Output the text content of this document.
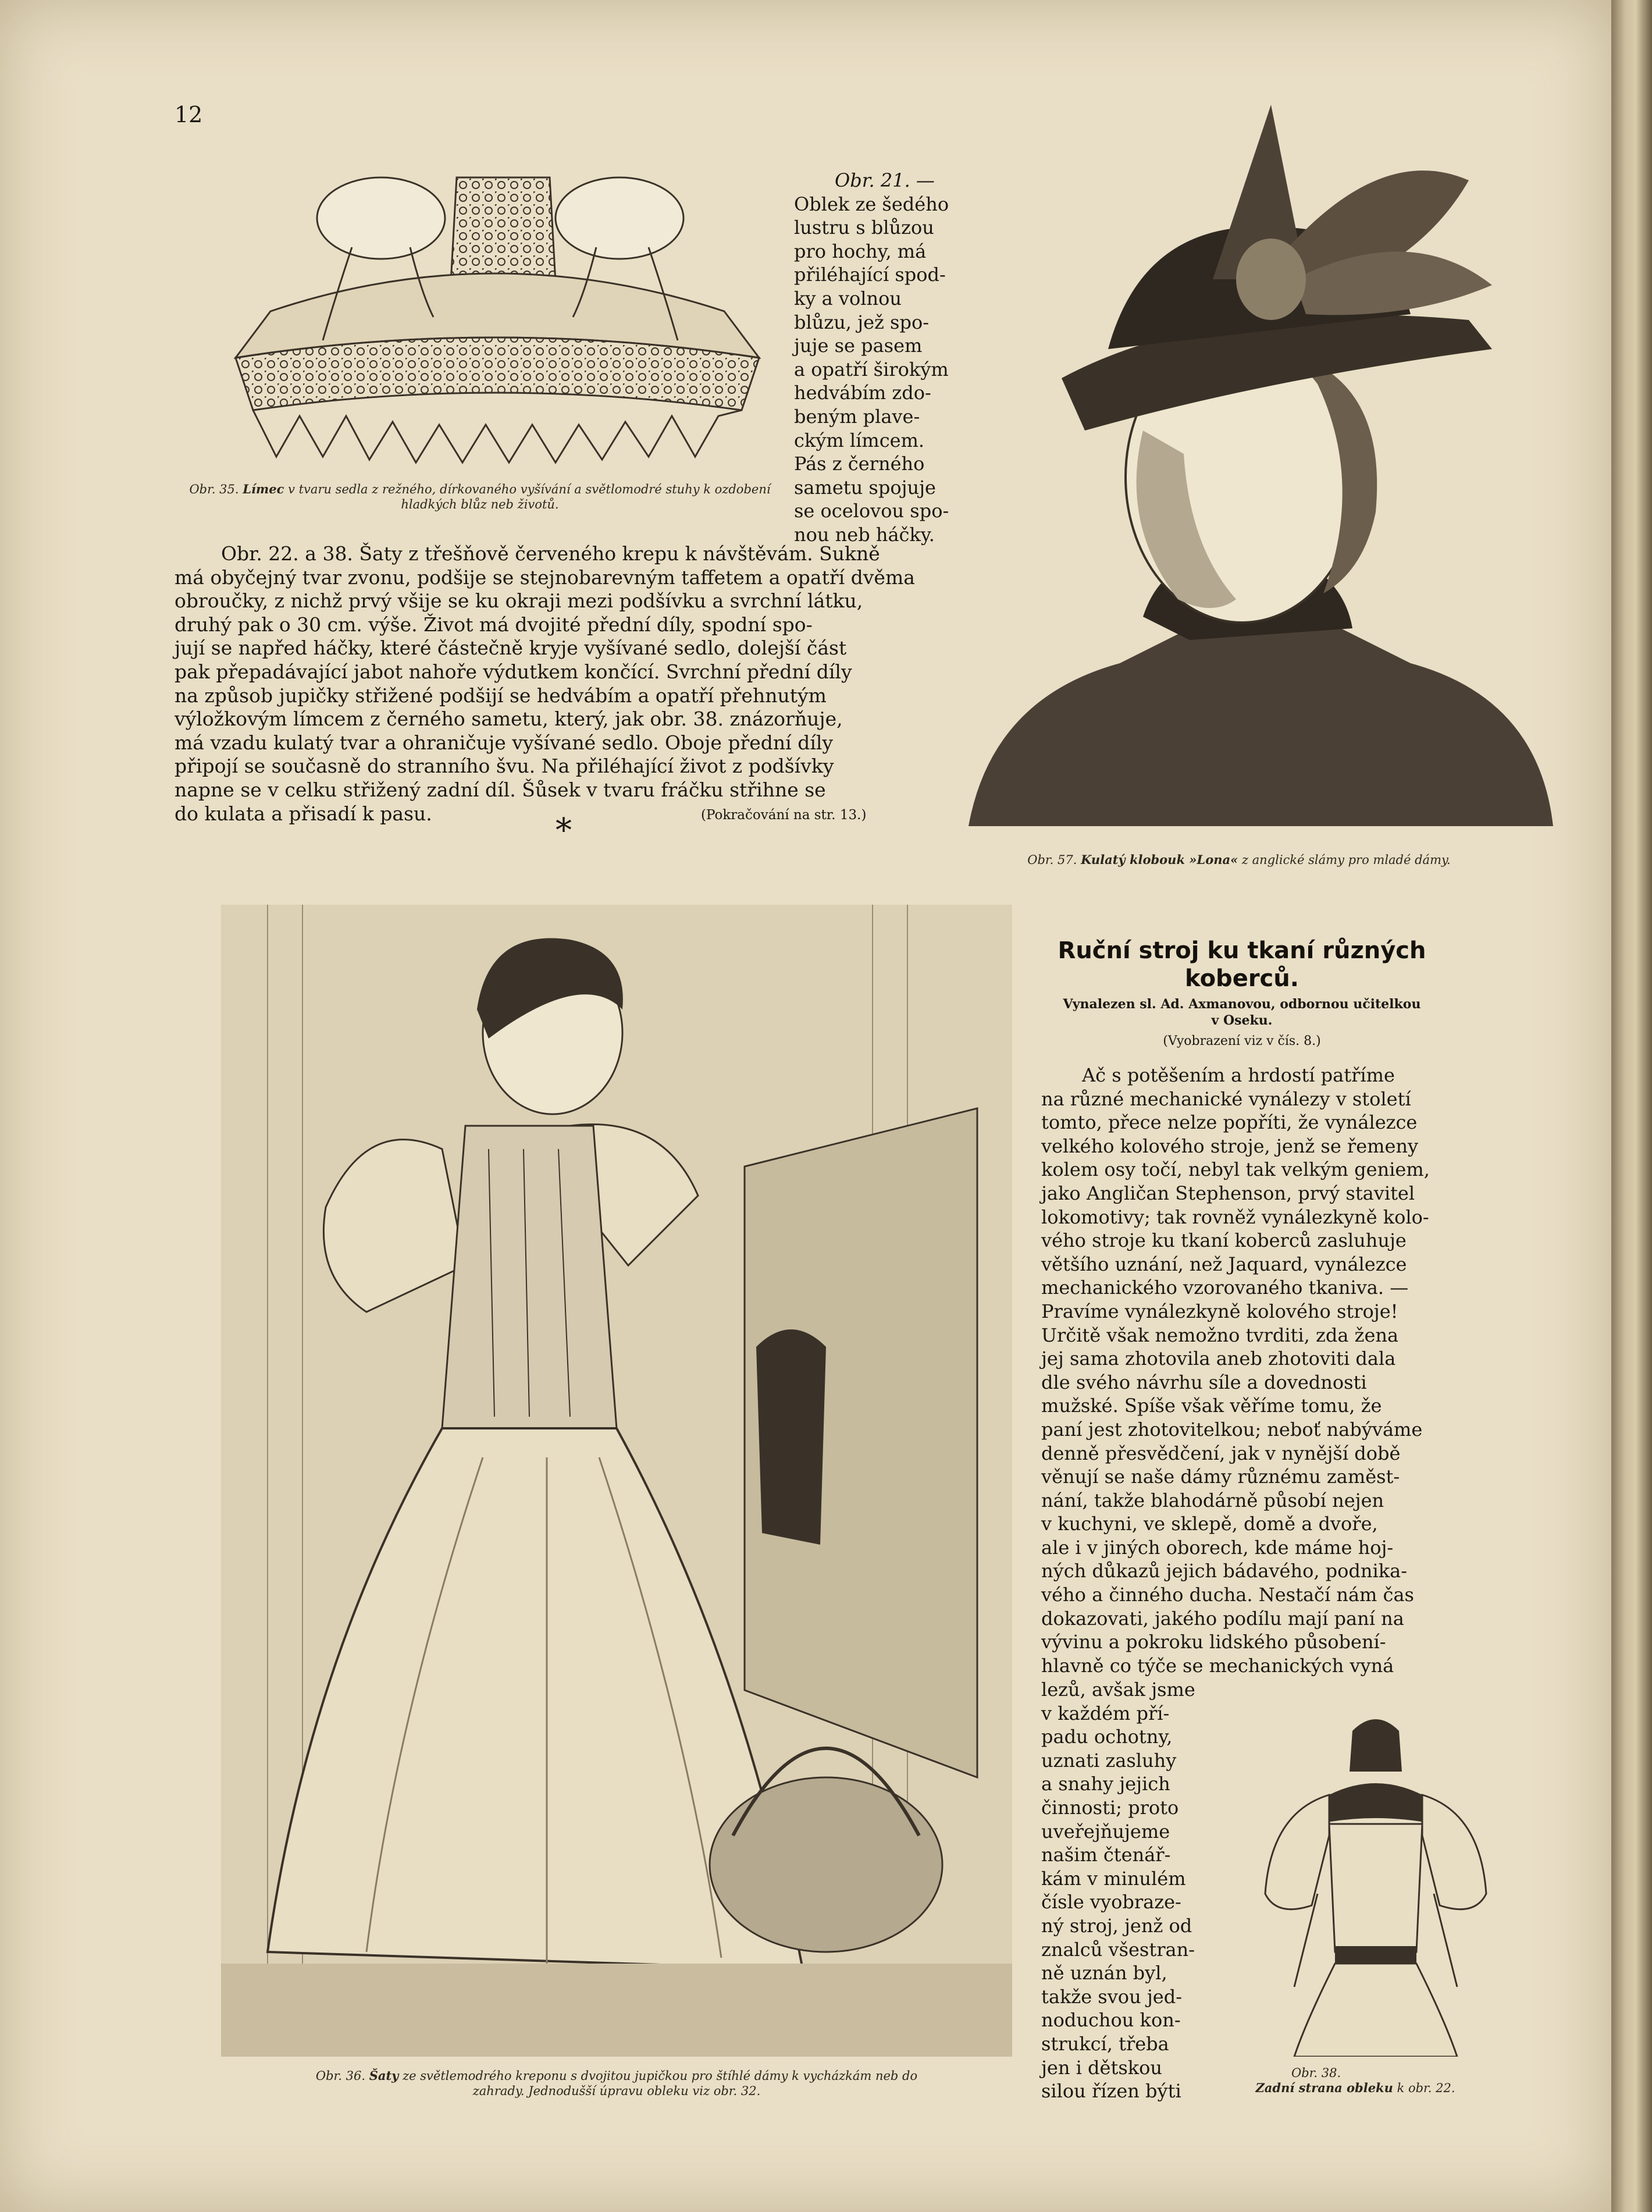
12

Obr. 21. —

Oblek ze šedého

lustru s blůzou

pro hochy, má

přiléhající spod-

ky a volnou

blůzu, jež spo-

juje se pasem

a opatří širokým

hedvábím zdo-

beným plave-

ckým límcem.

Pás z černého

sametu spojuje

se ocelovou spo-

nou neb háčky.

Obr. 35. Límec v tvaru sedla z režného, dírkovaného vyšívání a světlomodré stuhy k ozdobení hladkých blůz neb životů.

Obr. 22. a 38. Šaty z třešňově červeného krepu k návštěvám. Sukně

má obyčejný tvar zvonu, podšije se stejnobarevným taffetem a opatří dvěma

obroučky, z nichž prvý všije se ku okraji mezi podšívku a svrchní látku,

druhý pak o 30 cm. výše. Život má dvojité přední díly, spodní spo-

jují se napřed háčky, které částečně kryje vyšívané sedlo, dolejší část

pak přepadávající jabot nahoře výdutkem končící. Svrchní přední díly

na způsob jupičky střižené podšijí se hedvábím a opatří přehnutým

výložkovým límcem z černého sametu, který, jak obr. 38. znázorňuje,

má vzadu kulatý tvar a ohraničuje vyšívané sedlo. Oboje přední díly

připojí se současně do stranního švu. Na přiléhající život z podšívky

napne se v celku střižený zadní díl. Šůsek v tvaru fráčku střihne se

do kulata a přisadí k pasu.	(Pokračování na str. 13.)
*
Obr. 57. Kulatý klobouk »Lona« z anglické slámy pro mladé dámy.
Obr. 36. Šaty ze světlemodrého kreponu s dvojitou jupičkou pro štíhlé dámy k vycházkám neb do
zahrady. Jednodušší úpravu obleku viz obr. 32.
Ruční stroj ku tkaní různých
koberců.
Vynalezen sl. Ad. Axmanovou, odbornou učitelkou
v Oseku.
(Vyobrazení viz v čís. 8.)

Ač s potěšením a hrdostí patříme

na různé mechanické vynálezy v století

tomto, přece nelze popříti, že vynálezce

velkého kolového stroje, jenž se řemeny

kolem osy točí, nebyl tak velkým geniem,

jako Angličan Stephenson, prvý stavitel

lokomotivy; tak rovněž vynálezkyně kolo-

vého stroje ku tkaní koberců zasluhuje

většího uznání, než Jaquard, vynálezce

mechanického vzorovaného tkaniva. —

Pravíme vynálezkyně kolového stroje!

Určitě však nemožno tvrditi, zda žena

jej sama zhotovila aneb zhotoviti dala

dle svého návrhu síle a dovednosti

mužské. Spíše však věříme tomu, že

paní jest zhotovitelkou; neboť nabýváme

denně přesvědčení, jak v nynější době

věnují se naše dámy různému zaměst-

nání, takže blahodárně působí nejen

v kuchyni, ve sklepě, domě a dvoře,

ale i v jiných oborech, kde máme hoj-

ných důkazů jejich bádavého, podnika-

vého a činného ducha. Nestačí nám čas

dokazovati, jakého podílu mají paní na

vývinu a pokroku lidského působení-

hlavně co týče se mechanických vyná

lezů, avšak jsme

v každém pří-

padu ochotny,

uznati zasluhy

a snahy jejich

činnosti; proto

uveřejňujeme

našim čtenář-

kám v minulém

čísle vyobraze-

ný stroj, jenž od

znalců všestran-

ně uznán byl,

takže svou jed-

noduchou kon-

strukcí, třeba

jen i dětskou

silou řízen býti

Obr. 38.
Zadní strana obleku k obr. 22.
